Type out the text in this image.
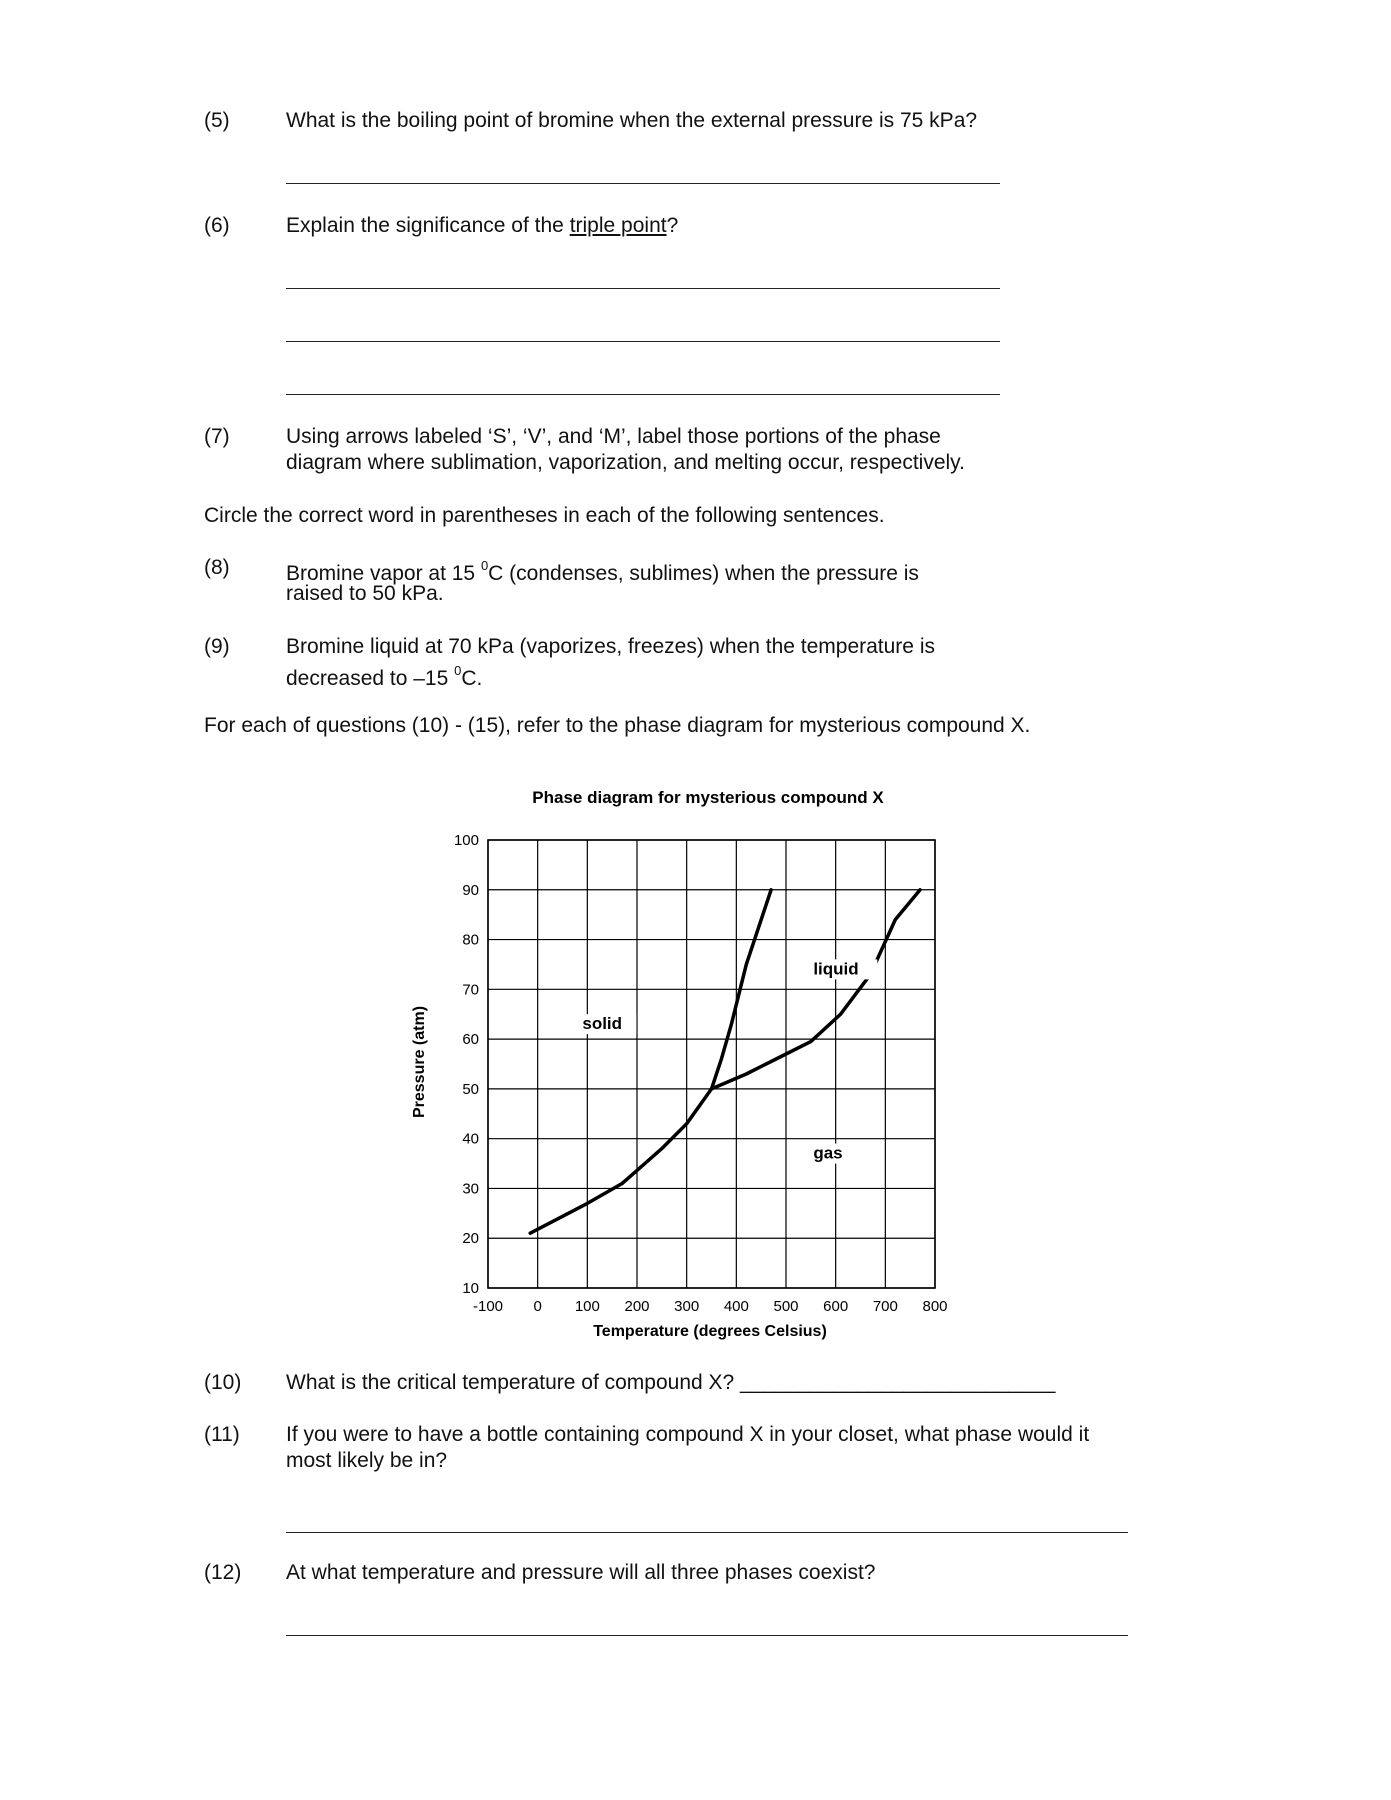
(5)	What is the boiling point of bromine when the external pressure is 75 kPa?
(6)	Explain the significance of the triple point?
(7)	Using arrows labeled ‘S’, ‘V’, and ‘M’, label those portions of the phase
diagram where sublimation, vaporization, and melting occur, respectively.
Circle the correct word in parentheses in each of the following sentences.
(8)	Bromine vapor at 15 $^0$C (condenses, sublimes) when the pressure is
raised to 50 kPa.
(9)	Bromine liquid at 70 kPa (vaporizes, freezes) when the temperature is
decreased to –15 $^0$C.
For each of questions (10) - (15), refer to the phase diagram for mysterious compound X.
Phase diagram for mysterious compound X
Pressure (atm)
Temperature (degrees Celsius)
-100 0 100 200 300 400 500 600 700 800
10
20
30
40
50
60
70
80
90
100
solid
liquid
gas
(10) What is the critical temperature of compound X? ___________________________
(11) If you were to have a bottle containing compound X in your closet, what phase would it
most likely be in?
(12) At what temperature and pressure will all three phases coexist?
